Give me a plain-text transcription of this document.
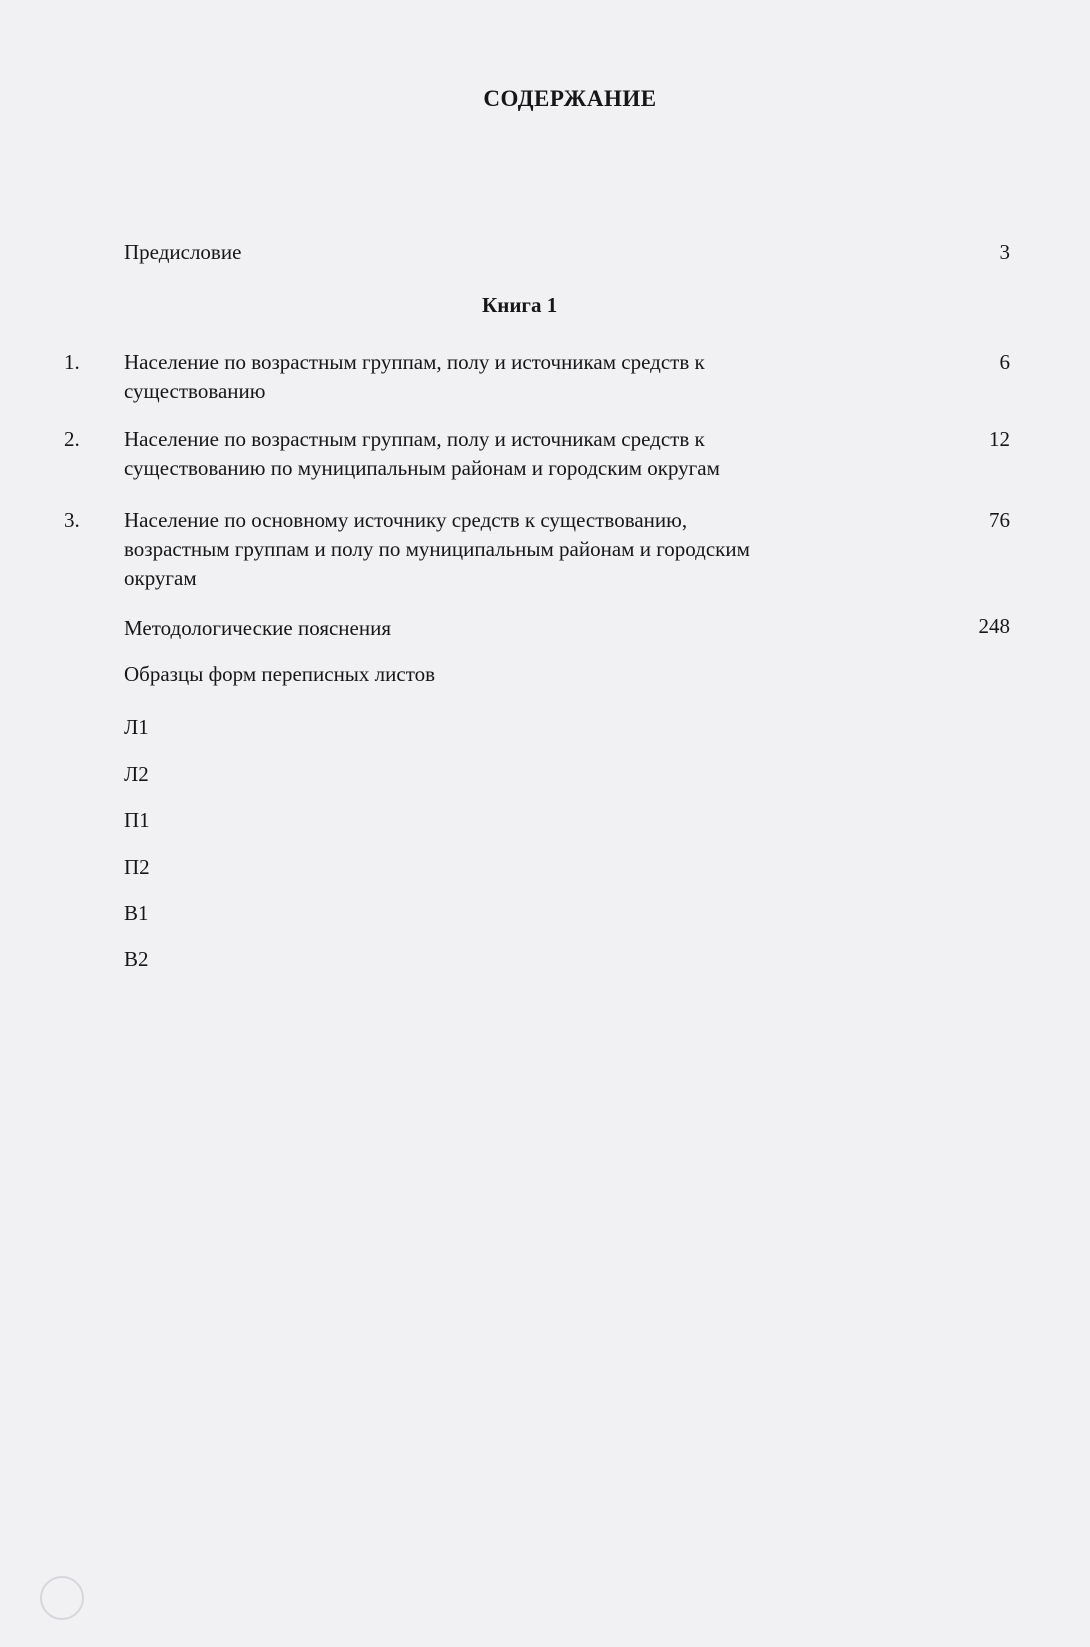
СОДЕРЖАНИЕ
Предисловие	3
Книга 1
1. Население по возрастным группам, полу и источникам средств к
существованию
6
2. Население по возрастным группам, полу и источникам средств к
существованию по муниципальным районам и городским округам
12
3. Население по основному источнику средств к существованию,
возрастным группам и полу по муниципальным районам и городским
округам
76
Методологические пояснения	248
Образцы форм переписных листов
Л1
Л2
П1
П2
В1
В2
